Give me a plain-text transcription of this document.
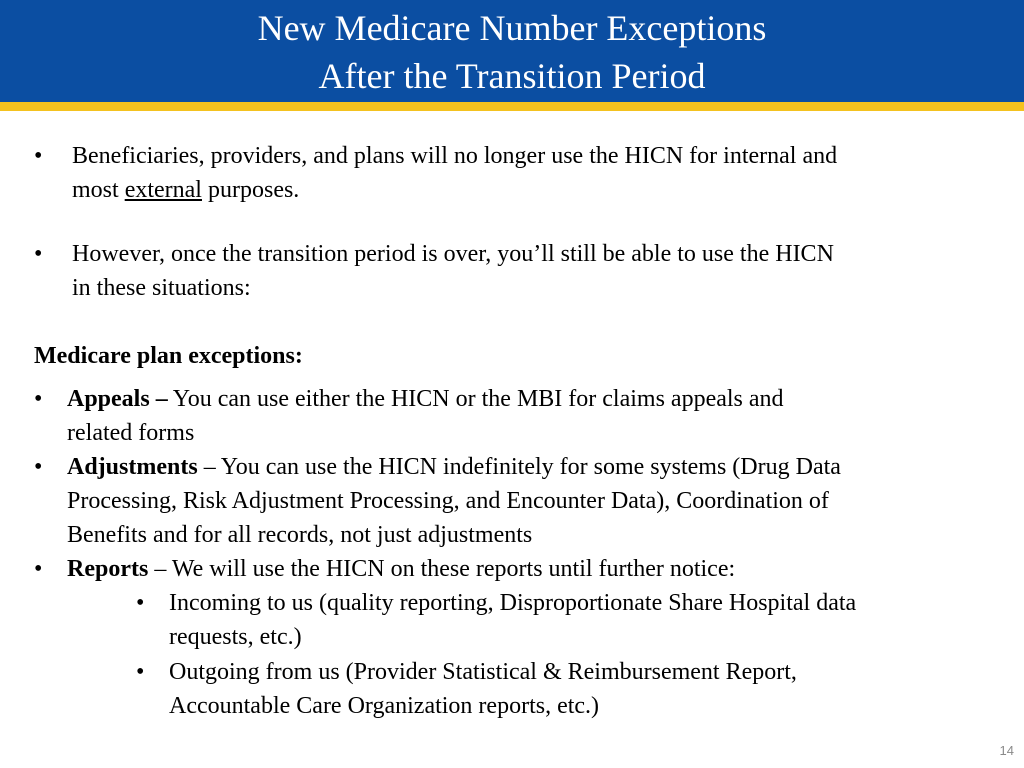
New Medicare Number Exceptions
After the Transition Period
• Beneficiaries, providers, and plans will no longer use the HICN for internal and
most external purposes.
• However, once the transition period is over, you’ll still be able to use the HICN
in these situations:
Medicare plan exceptions:
• Appeals – You can use either the HICN or the MBI for claims appeals and
related forms
• Adjustments – You can use the HICN indefinitely for some systems (Drug Data
Processing, Risk Adjustment Processing, and Encounter Data), Coordination of
Benefits and for all records, not just adjustments
• Reports – We will use the HICN on these reports until further notice:
• Incoming to us (quality reporting, Disproportionate Share Hospital data
requests, etc.)
• Outgoing from us (Provider Statistical & Reimbursement Report,
Accountable Care Organization reports, etc.)
14
